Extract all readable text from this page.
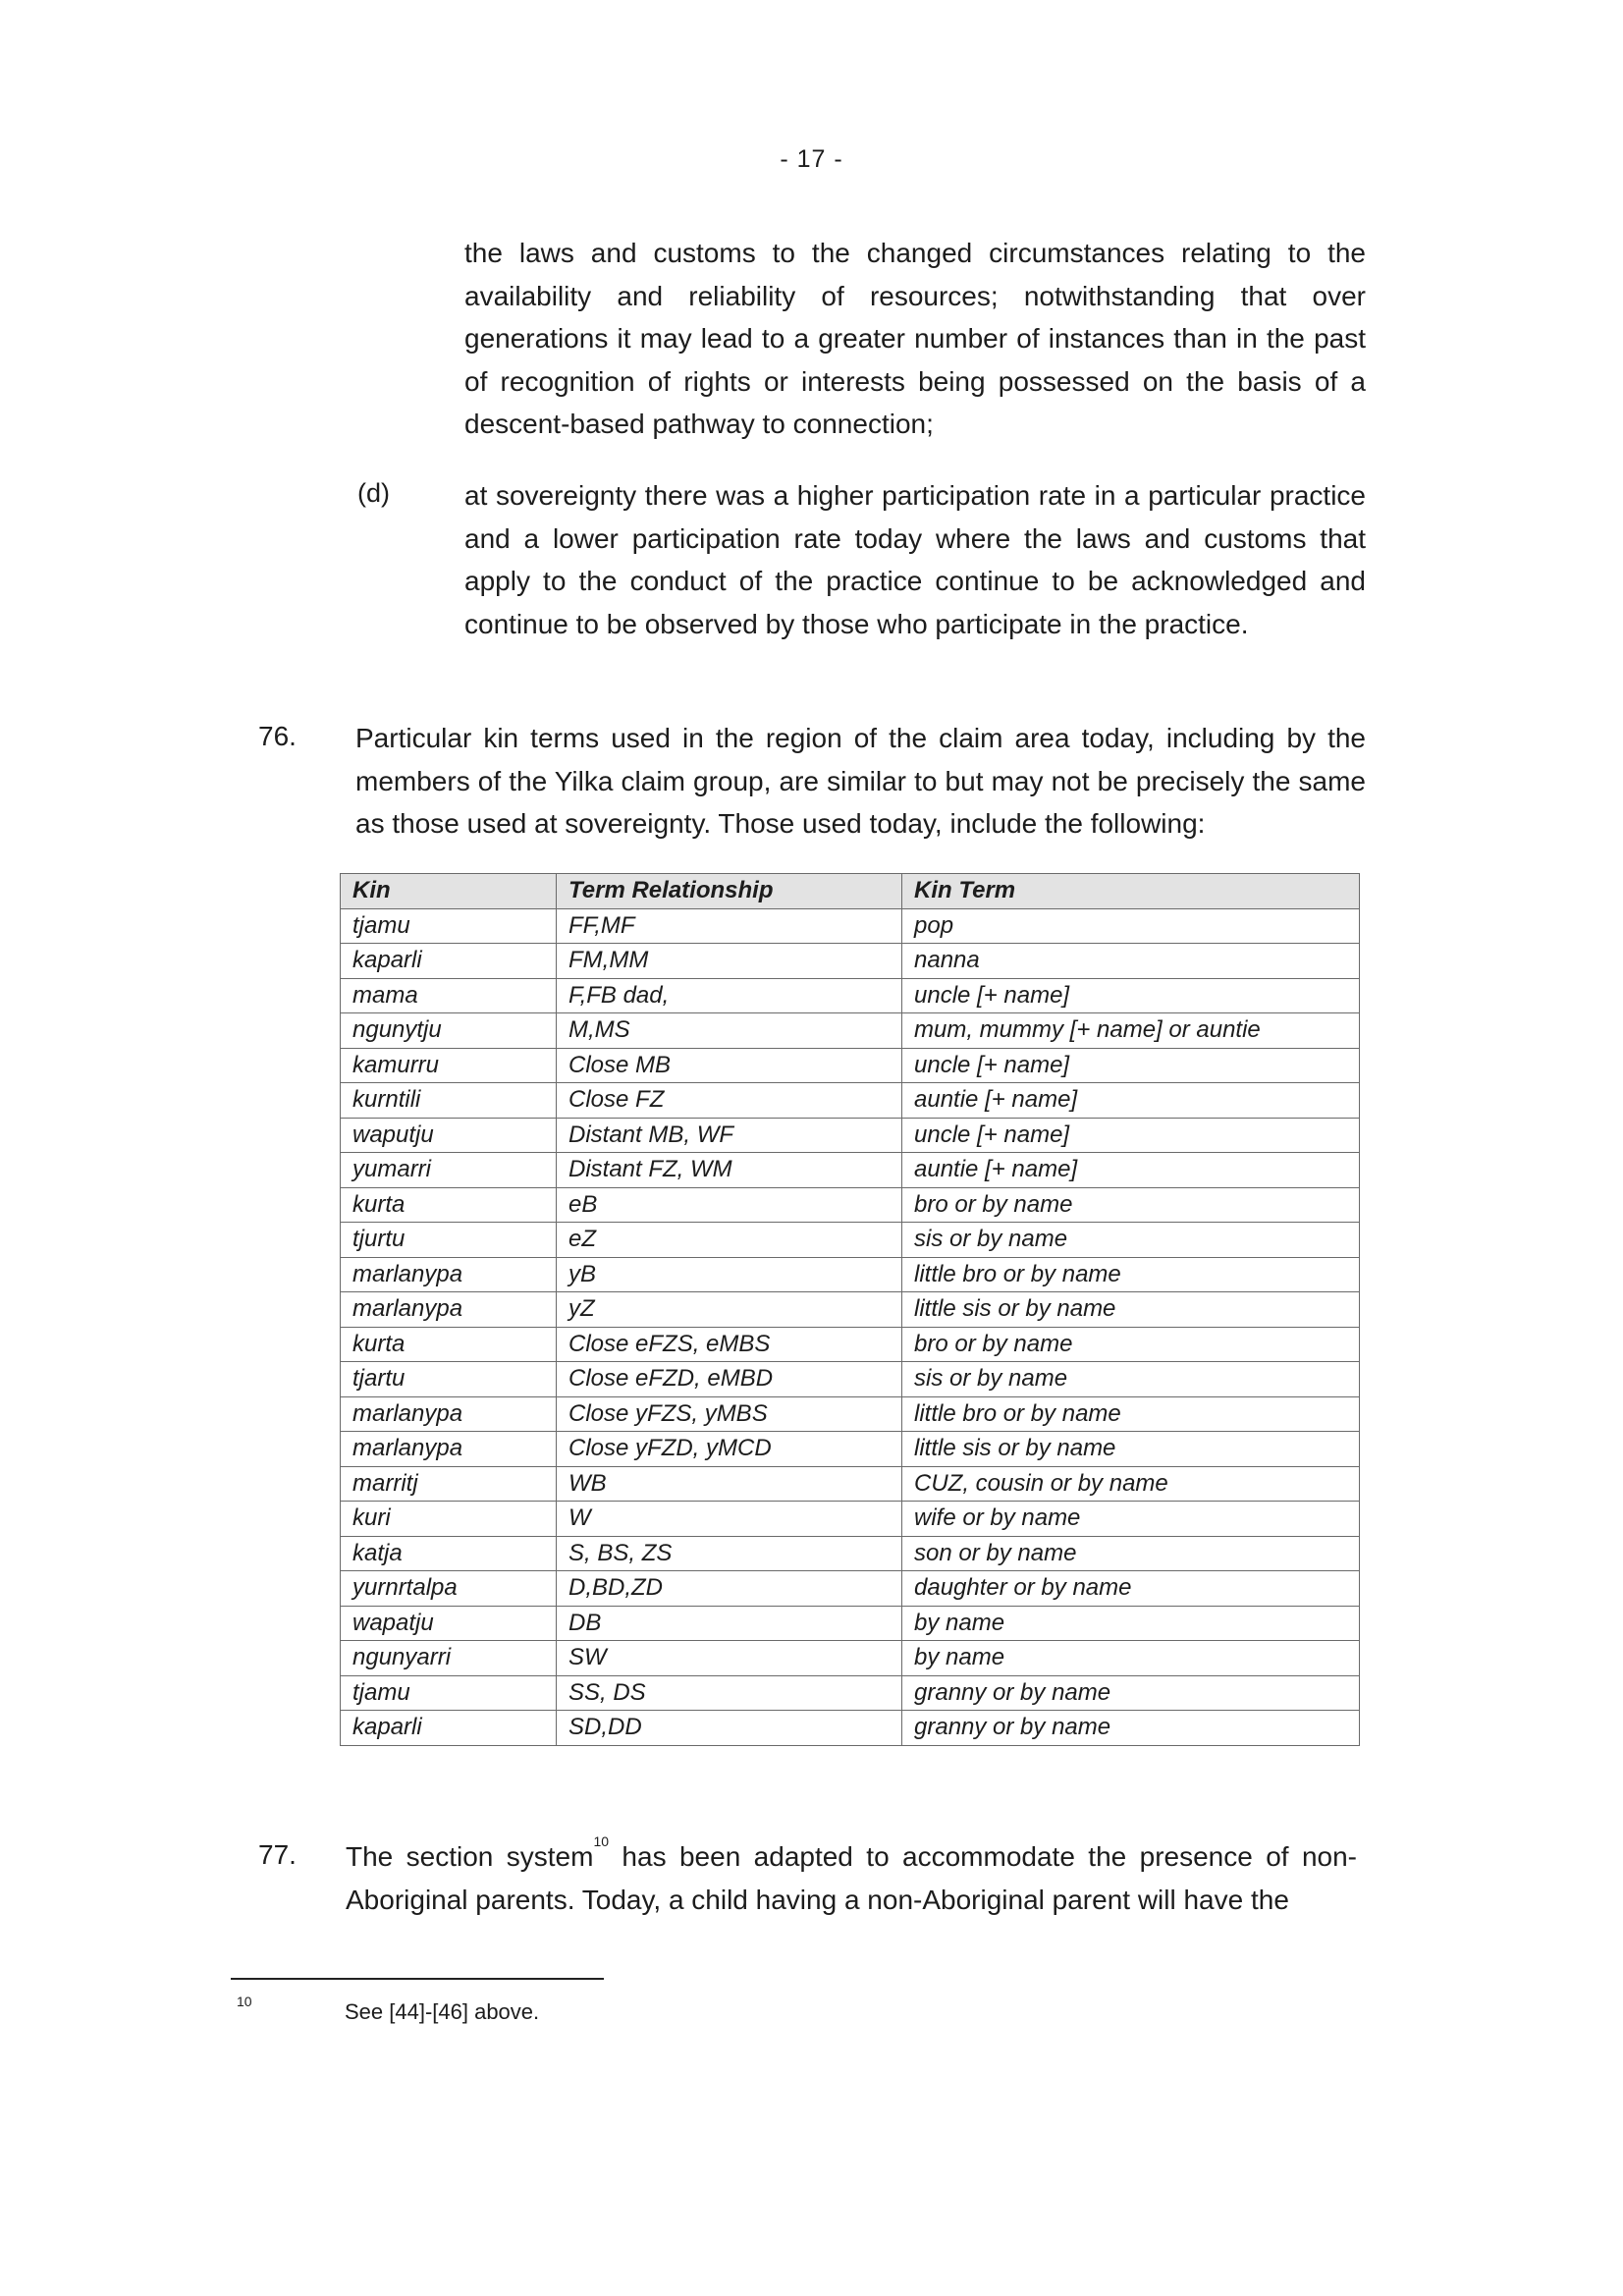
- 17 -

the laws and customs to the changed circumstances relating to the availability and reliability of resources; notwithstanding that over generations it may lead to a greater number of instances than in the past of recognition of rights or interests being possessed on the basis of a descent-based pathway to connection;

(d)	at sovereignty there was a higher participation rate in a particular practice and a lower participation rate today where the laws and customs that apply to the conduct of the practice continue to be acknowledged and continue to be observed by those who participate in the practice.

76. Particular kin terms used in the region of the claim area today, including by the members of the Yilka claim group, are similar to but may not be precisely the same as those used at sovereignty. Those used today, include the following:

Kin	Term Relationship	Kin Term
tjamu	FF,MF	pop
kaparli	FM,MM	nanna
mama	F,FB dad,	uncle [+ name]
ngunytju	M,MS	mum, mummy [+ name] or auntie
kamurru	Close MB	uncle [+ name]
kurntili	Close FZ	auntie [+ name]
waputju	Distant MB, WF	uncle [+ name]
yumarri	Distant FZ, WM	auntie [+ name]
kurta	eB	bro or by name
tjurtu	eZ	sis or by name
marlanypa	yB	little bro or by name
marlanypa	yZ	little sis or by name
kurta	Close eFZS, eMBS	bro or by name
tjartu	Close eFZD, eMBD	sis or by name
marlanypa	Close yFZS, yMBS	little bro or by name
marlanypa	Close yFZD, yMCD	little sis or by name
marritj	WB	CUZ, cousin or by name
kuri	W	wife or by name
katja	S, BS, ZS	son or by name
yurnrtalpa	D,BD,ZD	daughter or by name
wapatju	DB	by name
ngunyarri	SW	by name
tjamu	SS, DS	granny or by name
kaparli	SD,DD	granny or by name
77. The section system$^{10}$ has been adapted to accommodate the presence of non-Aboriginal parents. Today, a child having a non-Aboriginal parent will have the

10	See [44]-[46] above.
